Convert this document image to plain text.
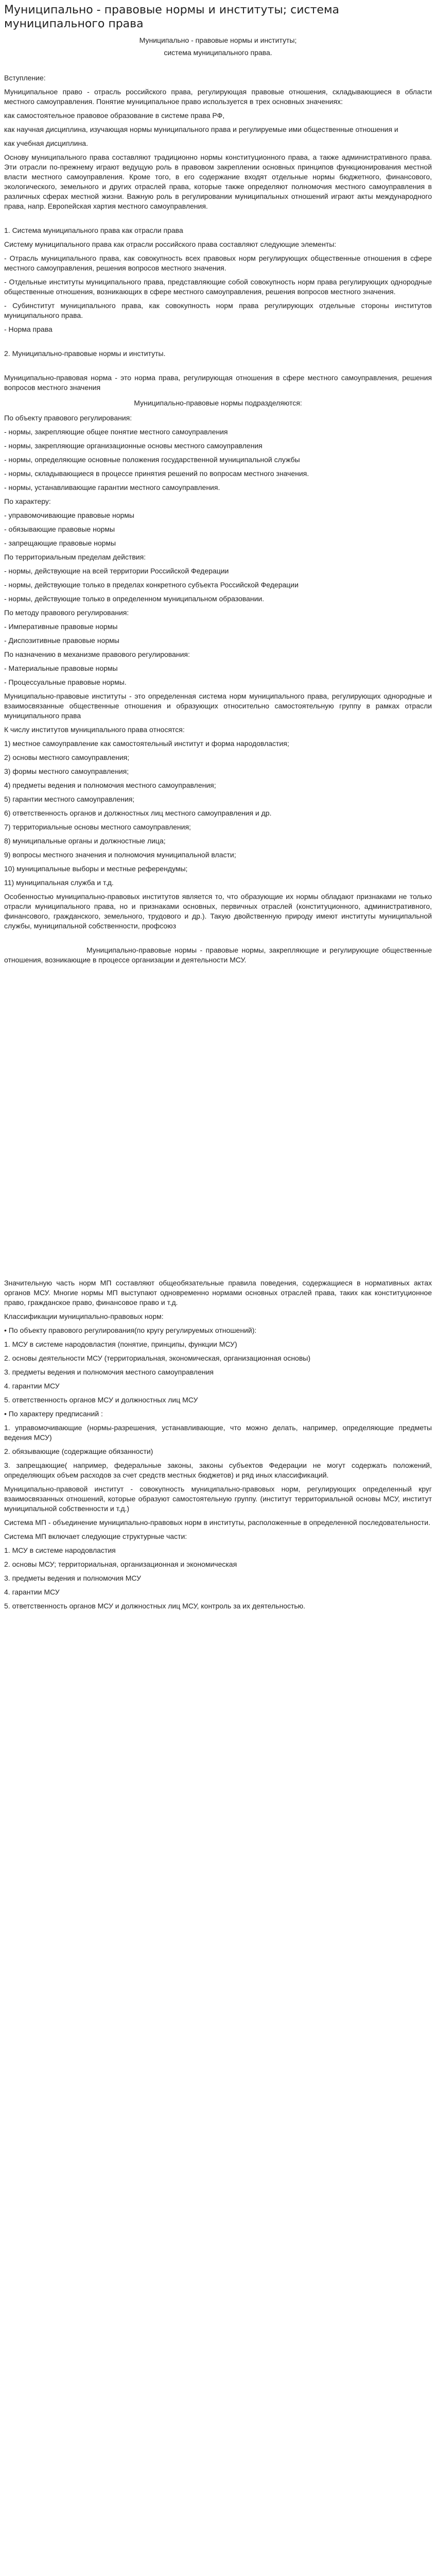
Муниципально - правовые нормы и институты; система муниципального права
Муниципально - правовые нормы и институты;
система муниципального права.

Вступление:

Муниципальное право - отрасль российского права, регулирующая правовые отношения, складывающиеся в области местного самоуправления. Понятие муниципальное право используется в трех основных значениях:

как самостоятельное правовое образование в системе права РФ,

как научная дисциплина, изучающая нормы муниципального права и регулируемые ими общественные отношения и

как учебная дисциплина.

Основу муниципального права составляют традиционно нормы конституционного права, а также административного права. Эти отрасли по-прежнему играют ведущую роль в правовом закреплении основных принципов функционирования местной власти местного самоуправления. Кроме того, в его содержание входят отдельные нормы бюджетного, финансового, экологического, земельного и других отраслей права, которые также определяют полномочия местного самоуправления в различных сферах местной жизни. Важную роль в регулировании муниципальных отношений играют акты международного права, напр. Европейская хартия местного самоуправления.

1. Система муниципального права как отрасли права

Систему муниципального права как отрасли российского права составляют следующие элементы:

- Отрасль муниципального права, как совокупность всех правовых норм регулирующих общественные отношения в сфере местного самоуправления, решения вопросов местного значения.

- Отдельные институты муниципального права, представляющие собой совокупность норм права регулирующих однородные общественные отношения, возникающих в сфере местного самоуправления, решения вопросов местного значения.

- Субинститут муниципального права, как совокупность норм права регулирующих отдельные стороны институтов муниципального права.

- Норма права

2. Муниципально-правовые нормы и институты.

Муниципально-правовая норма - это норма права, регулирующая отношения в сфере местного самоуправления, решения вопросов местного значения

Муниципально-правовые нормы подразделяются:

По объекту правового регулирования:

- нормы, закрепляющие общее понятие местного самоуправления

- нормы, закрепляющие организационные основы местного самоуправления

- нормы, определяющие основные положения государственной муниципальной службы

- нормы, складывающиеся в процессе принятия решений по вопросам местного значения.

- нормы, устанавливающие гарантии местного самоуправления.

По характеру:

- управомочивающие правовые нормы

- обязывающие правовые нормы

- запрещающие правовые нормы

По территориальным пределам действия:

- нормы, действующие на всей территории Российской Федерации

- нормы, действующие только в пределах конкретного субъекта Российской Федерации

- нормы, действующие только в определенном муниципальном образовании.

По методу правового регулирования:

- Императивные правовые нормы

- Диспозитивные правовые нормы

По назначению в механизме правового регулирования:

- Материальные правовые нормы

- Процессуальные правовые нормы.

Муниципально-правовые институты - это определенная система норм муниципального права, регулирующих однородные и взаимосвязанные общественные отношения и образующих относительно самостоятельную группу в рамках отрасли муниципального права

К числу институтов муниципального права относятся:

1) местное самоуправление как самостоятельный институт и форма народовластия;

2) основы местного самоуправления;

3) формы местного самоуправления;

4) предметы ведения и полномочия местного самоуправления;

5) гарантии местного самоуправления;

6) ответственность органов и должностных лиц местного самоуправления и др.

7) территориальные основы местного самоуправления;

8) муниципальные органы и должностные лица;

9) вопросы местного значения и полномочия муниципальной власти;

10) муниципальные выборы и местные референдумы;

11) муниципальная служба и т.д.

Особенностью муниципально-правовых институтов является то, что образующие их нормы обладают признаками не только отрасли муниципального права, но и признаками основных, первичных отраслей (конституционного, административного, финансового, гражданского, земельного, трудового и др.). Такую двойственную природу имеют институты муниципальной службы, муниципальной собственности, профсоюз

Муниципально-правовые нормы - правовые нормы, закрепляющие и регулирующие общественные отношения, возникающие в процессе организации и деятельности МСУ.

Значительную часть норм МП составляют общеобязательные правила поведения, содержащиеся в нормативных актах органов МСУ. Многие нормы МП выступают одновременно нормами основных отраслей права, таких как конституционное право, гражданское право, финансовое право и т.д.

Классификации муниципально-правовых норм:

• По объекту правового регулирования(по кругу регулируемых отношений):

1. МСУ в системе народовластия (понятие, принципы, функции МСУ)

2. основы деятельности МСУ (территориальная, экономическая, организационная основы)

3. предметы ведения и полномочия местного самоуправления

4. гарантии МСУ

5. ответственность органов МСУ и должностных лиц МСУ

• По характеру предписаний :

1. управомочивающие (нормы-разрешения, устанавливающие, что можно делать, например, определяющие предметы ведения МСУ)

2. обязывающие (содержащие обязанности)

3. запрещающие( например, федеральные законы, законы субъектов Федерации не могут содержать положений, определяющих объем расходов за счет средств местных бюджетов) и ряд иных классификаций.

Муниципально-правовой институт - совокупность муниципально-правовых норм, регулирующих определенный круг взаимосвязанных отношений, которые образуют самостоятельную группу. (институт территориальной основы МСУ, институт муниципальной собственности и т.д.)

Система МП - объединение муниципально-правовых норм в институты, расположенные в определенной последовательности.

Система МП включает следующие структурные части:

1. МСУ в системе народовластия

2. основы МСУ; территориальная, организационная и экономическая

3. предметы ведения и полномочия МСУ

4. гарантии МСУ

5. ответственность органов МСУ и должностных лиц МСУ, контроль за их деятельностью.
